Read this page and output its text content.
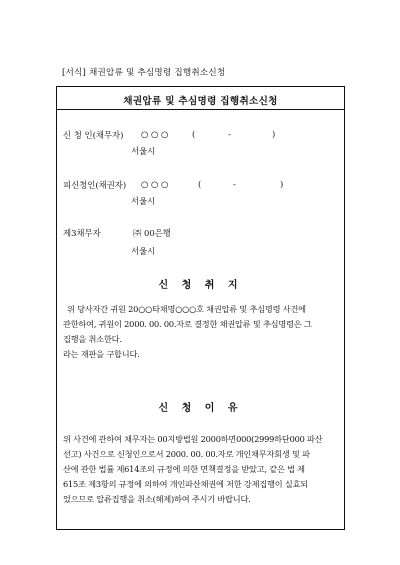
[서식] 채권압류 및 추심명령 집행취소신청
채권압류 및 추심명령 집행취소신청
신 청 인(채무자) ○ ○ ○	(	-	)
서울시
피신청인(채권자) ○ ○ ○	(	-	)
서울시
제3채무자	㈜ 00은행
서울시
신 청 취 지
위 당사자간 귀원 20○○타채명○○○호 채권압류 및 추심명령 사건에
관한하여, 귀원이 2000. 00. 00.자로 결정한 채권압류 및 추심명령은 그
집행을 취소한다.
라는 재판을 구합니다.
신 청 이 유
위 사건에 관하여 채무자는 00지방법원 2000하면000(2999하단000 파산
선고) 사건으로 신청인으로서 2000. 00. 00.자로 개인채무자회생 및 파
산에 관한 법률 제614조의 규정에 의한 면책결정을 받았고, 같은 법 제
615조 제3항의 규정에 의하여 개인파산채권에 저한 강제집행이 실효되
었으므로 압류집행을 취소(해제)하여 주시기 바랍니다.
